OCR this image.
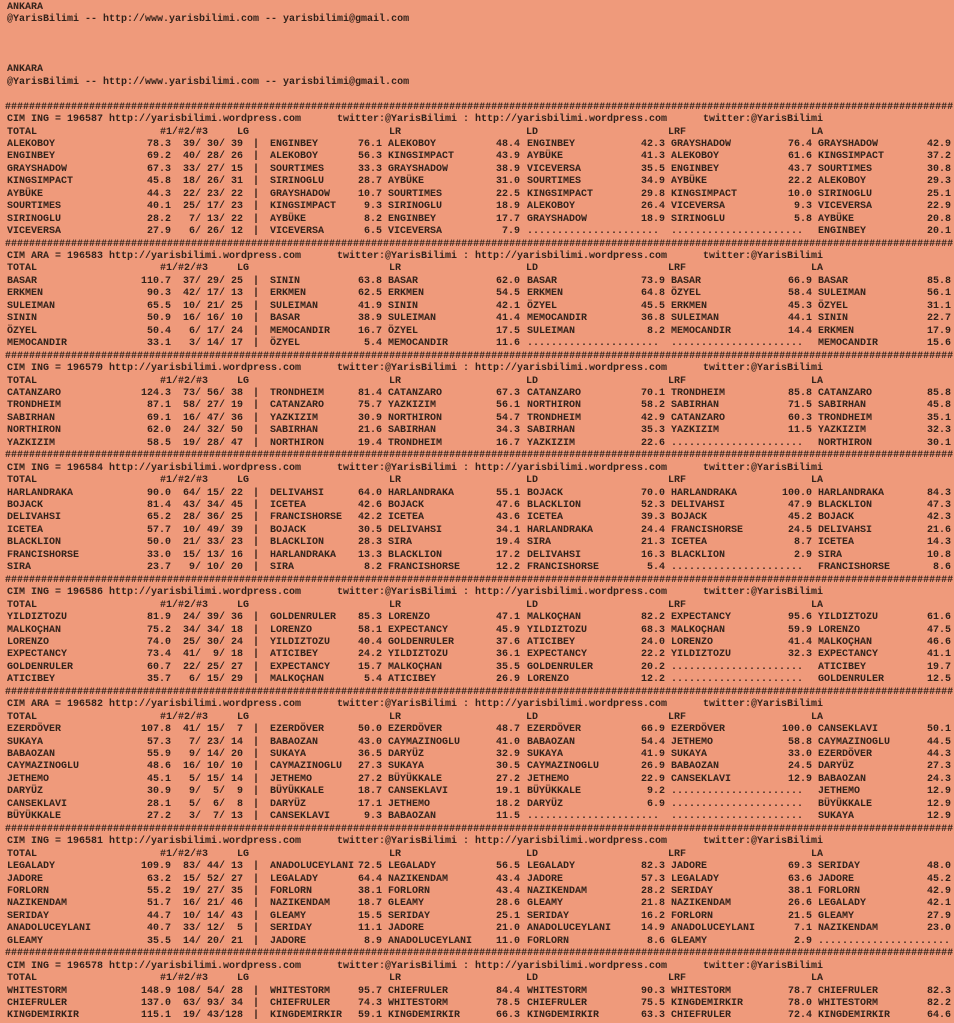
ANKARA
@YarisBilimi -- http://www.yarisbilimi.com -- yarisbilimi@gmail.com
ANKARA
@YarisBilimi -- http://www.yarisbilimi.com -- yarisbilimi@gmail.com
##############################################################################################################################################################
CIM ING = 196587 http://yarisbilimi.wordpress.com	twitter:@YarisBilimi : http://yarisbilimi.wordpress.com	twitter:@YarisBilimi
TOTAL	#1/#2/#3	LG	LR	LD	LRF	LA
ALEKOBOY	78.3	39/ 30/ 39 | ENGINBEY	76.1 ALEKOBOY	48.4 ENGINBEY	42.3 GRAYSHADOW	76.4 GRAYSHADOW	42.9
ENGINBEY	69.2	40/ 28/ 26 | ALEKOBOY	56.3 KINGSIMPACT	43.9 AYBÜKE	41.3 ALEKOBOY	61.6 KINGSIMPACT	37.2
GRAYSHADOW	67.3	33/ 27/ 15 | SOURTIMES	33.3 GRAYSHADOW	38.9 VICEVERSA	35.5 ENGINBEY	43.7 SOURTIMES	30.8
KINGSIMPACT	45.8	18/ 26/ 31 | SIRINOGLU	28.7 AYBÜKE	31.0 SOURTIMES	34.9 AYBÜKE	22.2 ALEKOBOY	29.3
AYBÜKE	44.3	22/ 23/ 22 | GRAYSHADOW	10.7 SOURTIMES	22.5 KINGSIMPACT	29.8 KINGSIMPACT	10.0 SIRINOGLU	25.1
SOURTIMES	40.1	25/ 17/ 23 | KINGSIMPACT	9.3 SIRINOGLU	18.9 ALEKOBOY	26.4 VICEVERSA	9.3 VICEVERSA	22.9
SIRINOGLU	28.2	7/ 13/ 22 | AYBÜKE	8.2 ENGINBEY	17.7 GRAYSHADOW	18.9 SIRINOGLU	5.8 AYBÜKE	20.8
VICEVERSA	27.9	6/ 26/ 12 | VICEVERSA	6.5 VICEVERSA	7.9 ...................... ...................... ENGINBEY	20.1
##############################################################################################################################################################
CIM ARA = 196583 http://yarisbilimi.wordpress.com	twitter:@YarisBilimi : http://yarisbilimi.wordpress.com	twitter:@YarisBilimi
TOTAL	#1/#2/#3	LG	LR	LD	LRF	LA
BASAR	110.7	37/ 29/ 25 | SININ	63.8 BASAR	62.0 BASAR	73.9 BASAR	66.9 BASAR	85.8
ERKMEN	90.3	42/ 17/ 13 | ERKMEN	62.5 ERKMEN	54.5 ERKMEN	64.8 ÖZYEL	58.4 SULEIMAN	56.1
SULEIMAN	65.5	10/ 21/ 25 | SULEIMAN	41.9 SININ	42.1 ÖZYEL	45.5 ERKMEN	45.3 ÖZYEL	31.1
SININ	50.9	16/ 16/ 10 | BASAR	38.9 SULEIMAN	41.4 MEMOCANDIR	36.8 SULEIMAN	44.1 SININ	22.7
ÖZYEL	50.4	6/ 17/ 24 | MEMOCANDIR	16.7 ÖZYEL	17.5 SULEIMAN	8.2 MEMOCANDIR	14.4 ERKMEN	17.9
MEMOCANDIR	33.1	3/ 14/ 17 | ÖZYEL	5.4 MEMOCANDIR	11.6 ...................... ...................... MEMOCANDIR	15.6
##############################################################################################################################################################
CIM ING = 196579 http://yarisbilimi.wordpress.com	twitter:@YarisBilimi : http://yarisbilimi.wordpress.com	twitter:@YarisBilimi
TOTAL	#1/#2/#3	LG	LR	LD	LRF	LA
CATANZARO	124.3	73/ 56/ 38 | TRONDHEIM	81.4 CATANZARO	67.3 CATANZARO	70.1 TRONDHEIM	85.8 CATANZARO	85.8
TRONDHEIM	87.1	58/ 27/ 19 | CATANZARO	75.7 YAZKIZIM	56.1 NORTHIRON	58.2 SABIRHAN	71.5 SABIRHAN	45.8
SABIRHAN	69.1	16/ 47/ 36 | YAZKIZIM	30.9 NORTHIRON	54.7 TRONDHEIM	42.9 CATANZARO	60.3 TRONDHEIM	35.1
NORTHIRON	62.0	24/ 32/ 50 | SABIRHAN	21.6 SABIRHAN	34.3 SABIRHAN	35.3 YAZKIZIM	11.5 YAZKIZIM	32.3
YAZKIZIM	58.5	19/ 28/ 47 | NORTHIRON	19.4 TRONDHEIM	16.7 YAZKIZIM	22.6 ...................... NORTHIRON	30.1
##############################################################################################################################################################
CIM ING = 196584 http://yarisbilimi.wordpress.com	twitter:@YarisBilimi : http://yarisbilimi.wordpress.com	twitter:@YarisBilimi
TOTAL	#1/#2/#3	LG	LR	LD	LRF	LA
HARLANDRAKA	90.0	64/ 15/ 22 | DELIVAHSI	64.0 HARLANDRAKA	55.1 BOJACK	70.0 HARLANDRAKA	100.0 HARLANDRAKA	84.3
BOJACK	81.4	43/ 34/ 45 | ICETEA	42.6 BOJACK	47.6 BLACKLION	52.3 DELIVAHSI	47.9 BLACKLION	47.3
DELIVAHSI	65.2	28/ 36/ 25 | FRANCISHORSE	42.2 ICETEA	43.6 ICETEA	39.3 BOJACK	45.2 BOJACK	42.3
ICETEA	57.7	10/ 49/ 39 | BOJACK	30.5 DELIVAHSI	34.1 HARLANDRAKA	24.4 FRANCISHORSE	24.5 DELIVAHSI	21.6
BLACKLION	50.0	21/ 33/ 23 | BLACKLION	28.3 SIRA	19.4 SIRA	21.3 ICETEA	8.7 ICETEA	14.3
FRANCISHORSE	33.0	15/ 13/ 16 | HARLANDRAKA	13.3 BLACKLION	17.2 DELIVAHSI	16.3 BLACKLION	2.9 SIRA	10.8
SIRA	23.7	9/ 10/ 20 | SIRA	8.2 FRANCISHORSE	12.2 FRANCISHORSE	5.4 ...................... FRANCISHORSE	8.6
##############################################################################################################################################################
CIM ING = 196586 http://yarisbilimi.wordpress.com	twitter:@YarisBilimi : http://yarisbilimi.wordpress.com	twitter:@YarisBilimi
TOTAL	#1/#2/#3	LG	LR	LD	LRF	LA
YILDIZTOZU	81.9	24/ 39/ 36 | GOLDENRULER	85.3 LORENZO	47.1 MALKOÇHAN	82.2 EXPECTANCY	95.6 YILDIZTOZU	61.6
MALKOÇHAN	75.2	34/ 34/ 18 | LORENZO	58.1 EXPECTANCY	45.9 YILDIZTOZU	68.3 MALKOÇHAN	59.9 LORENZO	47.5
LORENZO	74.0	25/ 30/ 24 | YILDIZTOZU	40.4 GOLDENRULER	37.6 ATICIBEY	24.0 LORENZO	41.4 MALKOÇHAN	46.6
EXPECTANCY	73.4	41/  9/ 18 | ATICIBEY	24.2 YILDIZTOZU	36.1 EXPECTANCY	22.2 YILDIZTOZU	32.3 EXPECTANCY	41.1
GOLDENRULER	60.7	22/ 25/ 27 | EXPECTANCY	15.7 MALKOÇHAN	35.5 GOLDENRULER	20.2 ...................... ATICIBEY	19.7
ATICIBEY	35.7	6/ 15/ 29 | MALKOÇHAN	5.4 ATICIBEY	26.9 LORENZO	12.2 ...................... GOLDENRULER	12.5
##############################################################################################################################################################
CIM ARA = 196582 http://yarisbilimi.wordpress.com	twitter:@YarisBilimi : http://yarisbilimi.wordpress.com	twitter:@YarisBilimi
TOTAL	#1/#2/#3	LG	LR	LD	LRF	LA
EZERDÖVER	107.8	41/ 15/  7 | EZERDÖVER	50.0 EZERDÖVER	48.7 EZERDÖVER	66.9 EZERDÖVER	100.0 CANSEKLAVI	50.1
SUKAYA	57.3	7/ 23/ 14 | BABAOZAN	43.0 CAYMAZINOGLU	41.0 BABAOZAN	54.4 JETHEMO	58.8 CAYMAZINOGLU	44.5
BABAOZAN	55.9	9/ 14/ 20 | SUKAYA	36.5 DARYÜZ	32.9 SUKAYA	41.9 SUKAYA	33.0 EZERDÖVER	44.3
CAYMAZINOGLU	48.6	16/ 10/ 10 | CAYMAZINOGLU	27.3 SUKAYA	30.5 CAYMAZINOGLU	26.9 BABAOZAN	24.5 DARYÜZ	27.3
JETHEMO	45.1	5/ 15/ 14 | JETHEMO	27.2 BÜYÜKKALE	27.2 JETHEMO	22.9 CANSEKLAVI	12.9 BABAOZAN	24.3
DARYÜZ	30.9	9/  5/  9 | BÜYÜKKALE	18.7 CANSEKLAVI	19.1 BÜYÜKKALE	9.2 ...................... JETHEMO	12.9
CANSEKLAVI	28.1	5/  6/  8 | DARYÜZ	17.1 JETHEMO	18.2 DARYÜZ	6.9 ...................... BÜYÜKKALE	12.9
BÜYÜKKALE	27.2	3/  7/ 13 | CANSEKLAVI	9.3 BABAOZAN	11.5 ...................... ...................... SUKAYA	12.9
##############################################################################################################################################################
CIM ING = 196581 http://yarisbilimi.wordpress.com	twitter:@YarisBilimi : http://yarisbilimi.wordpress.com	twitter:@YarisBilimi
TOTAL	#1/#2/#3	LG	LR	LD	LRF	LA
LEGALADY	109.9	83/ 44/ 13 | ANADOLUCEYLANI 72.5 LEGALADY	56.5 LEGALADY	82.3 JADORE	69.3 SERIDAY	48.0
JADORE	63.2	15/ 52/ 27 | LEGALADY	64.4 NAZIKENDAM	43.4 JADORE	57.3 LEGALADY	63.6 JADORE	45.2
FORLORN	55.2	19/ 27/ 35 | FORLORN	38.1 FORLORN	43.4 NAZIKENDAM	28.2 SERIDAY	38.1 FORLORN	42.9
NAZIKENDAM	51.7	16/ 21/ 46 | NAZIKENDAM	18.7 GLEAMY	28.6 GLEAMY	21.8 NAZIKENDAM	26.6 LEGALADY	42.1
SERIDAY	44.7	10/ 14/ 43 | GLEAMY	15.5 SERIDAY	25.1 SERIDAY	16.2 FORLORN	21.5 GLEAMY	27.9
ANADOLUCEYLANI	40.7	33/ 12/  5 | SERIDAY	11.1 JADORE	21.0 ANADOLUCEYLANI	14.9 ANADOLUCEYLANI	7.1 NAZIKENDAM	23.0
GLEAMY	35.5	14/ 20/ 21 | JADORE	8.9 ANADOLUCEYLANI	11.0 FORLORN	8.6 GLEAMY	2.9 ......................
##############################################################################################################################################################
CIM ING = 196578 http://yarisbilimi.wordpress.com	twitter:@YarisBilimi : http://yarisbilimi.wordpress.com	twitter:@YarisBilimi
TOTAL	#1/#2/#3	LG	LR	LD	LRF	LA
WHITESTORM	148.9 108/ 54/ 28 | WHITESTORM	95.7 CHIEFRULER	84.4 WHITESTORM	90.3 WHITESTORM	78.7 CHIEFRULER	82.3
CHIEFRULER	137.0	63/ 93/ 34 | CHIEFRULER	74.3 WHITESTORM	78.5 CHIEFRULER	75.5 KINGDEMIRKIR	78.0 WHITESTORM	82.2
KINGDEMIRKIR	115.1	19/ 43/128 | KINGDEMIRKIR	59.1 KINGDEMIRKIR	66.3 KINGDEMIRKIR	63.3 CHIEFRULER	72.4 KINGDEMIRKIR	64.6
